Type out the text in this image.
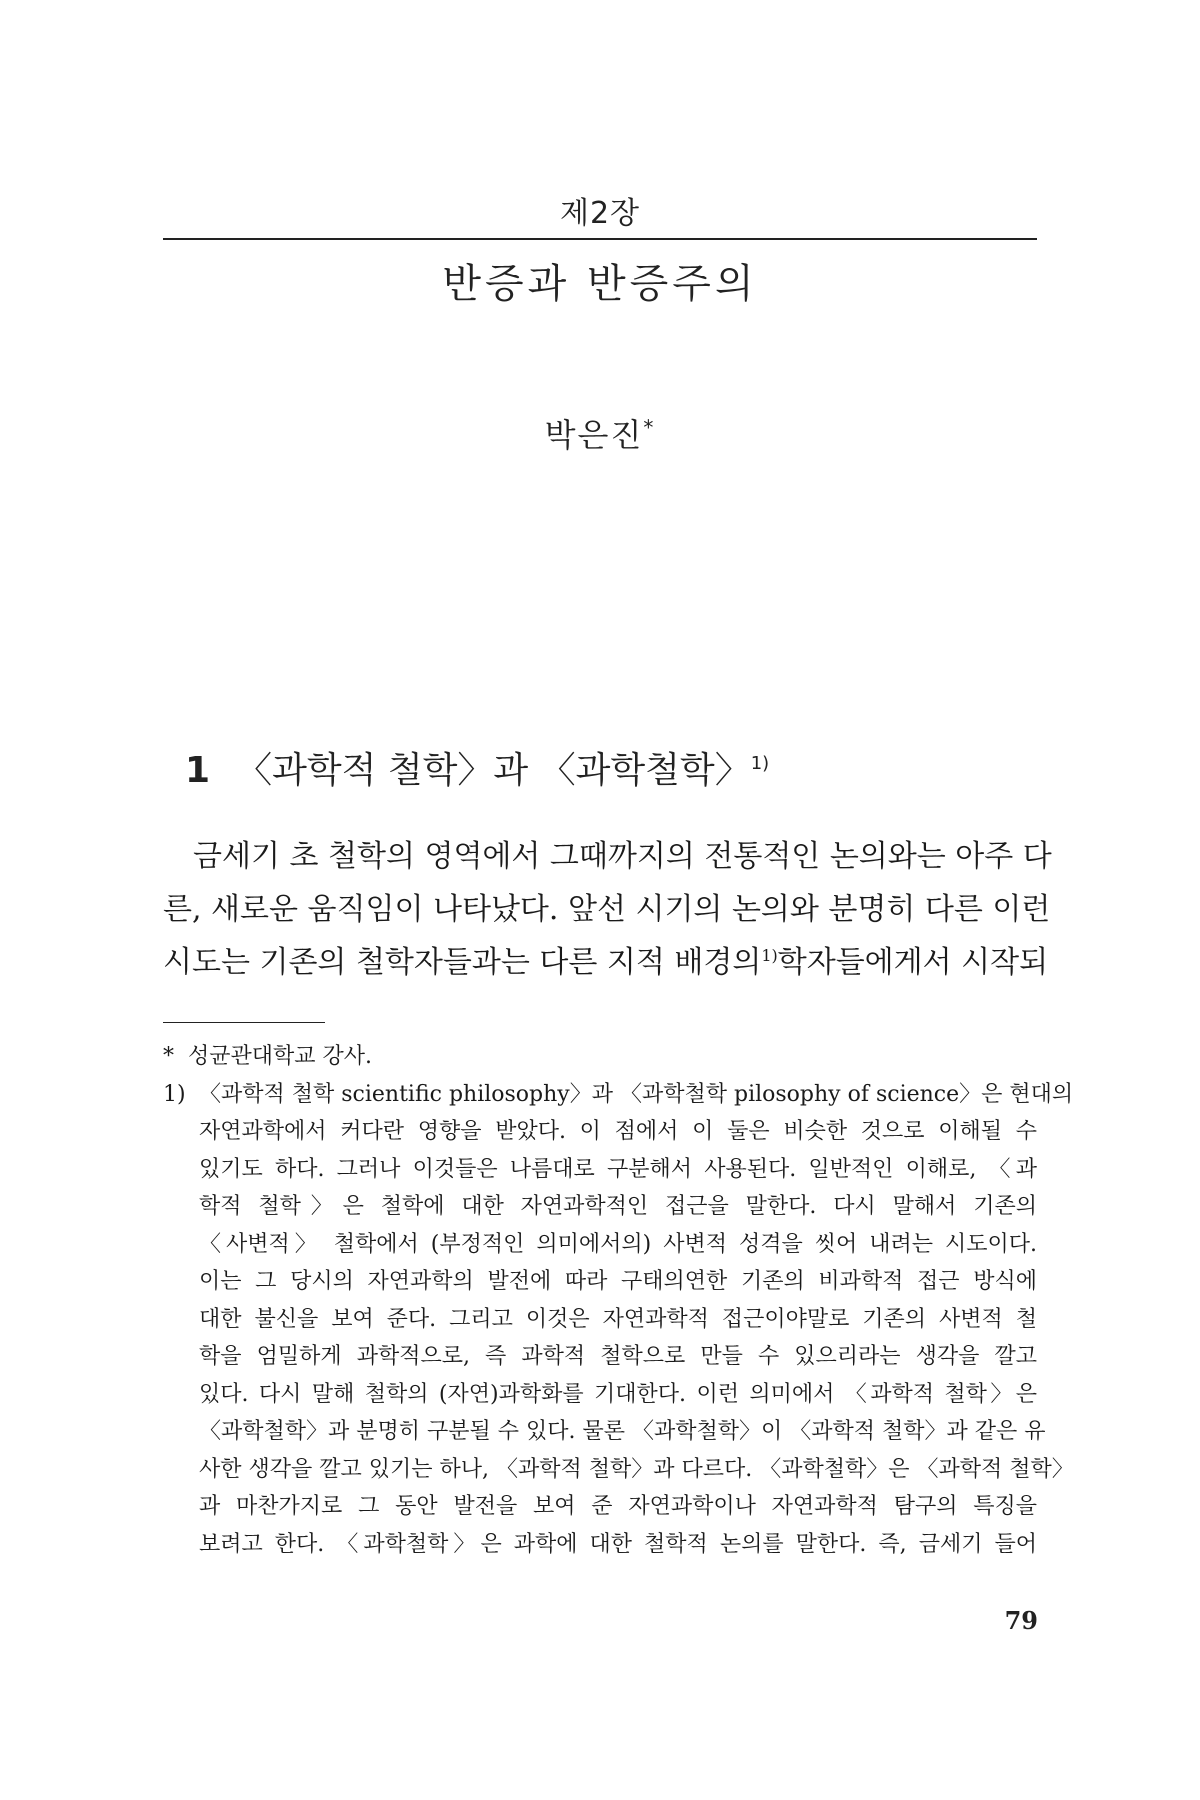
제2장
반증과 반증주의
박은진*
1 〈과학적 철학〉과 〈과학철학〉$^{1)}$
금세기 초 철학의 영역에서 그때까지의 전통적인 논의와는 아주 다
른, 새로운 움직임이 나타났다. 앞선 시기의 논의와 분명히 다른 이런
시도는 기존의 철학자들과는 다른 지적 배경의$^{1)}$학자들에게서 시작되
* 성균관대학교 강사.
1) 〈과학적 철학 scientific philosophy〉과 〈과학철학 pilosophy of science〉은 현대의
자연과학에서 커다란 영향을 받았다. 이 점에서 이 둘은 비슷한 것으로 이해될 수
있기도 하다. 그러나 이것들은 나름대로 구분해서 사용된다. 일반적인 이해로, 〈과
학적 철학〉은 철학에 대한 자연과학적인 접근을 말한다. 다시 말해서 기존의
〈사변적〉 철학에서 (부정적인 의미에서의) 사변적 성격을 씻어 내려는 시도이다.
이는 그 당시의 자연과학의 발전에 따라 구태의연한 기존의 비과학적 접근 방식에
대한 불신을 보여 준다. 그리고 이것은 자연과학적 접근이야말로 기존의 사변적 철
학을 엄밀하게 과학적으로, 즉 과학적 철학으로 만들 수 있으리라는 생각을 깔고
있다. 다시 말해 철학의 (자연)과학화를 기대한다. 이런 의미에서 〈과학적 철학〉은
〈과학철학〉과 분명히 구분될 수 있다. 물론 〈과학철학〉이 〈과학적 철학〉과 같은 유
사한 생각을 깔고 있기는 하나, 〈과학적 철학〉과 다르다. 〈과학철학〉은 〈과학적 철학〉
과 마찬가지로 그 동안 발전을 보여 준 자연과학이나 자연과학적 탐구의 특징을
보려고 한다. 〈과학철학〉은 과학에 대한 철학적 논의를 말한다. 즉, 금세기 들어
79
